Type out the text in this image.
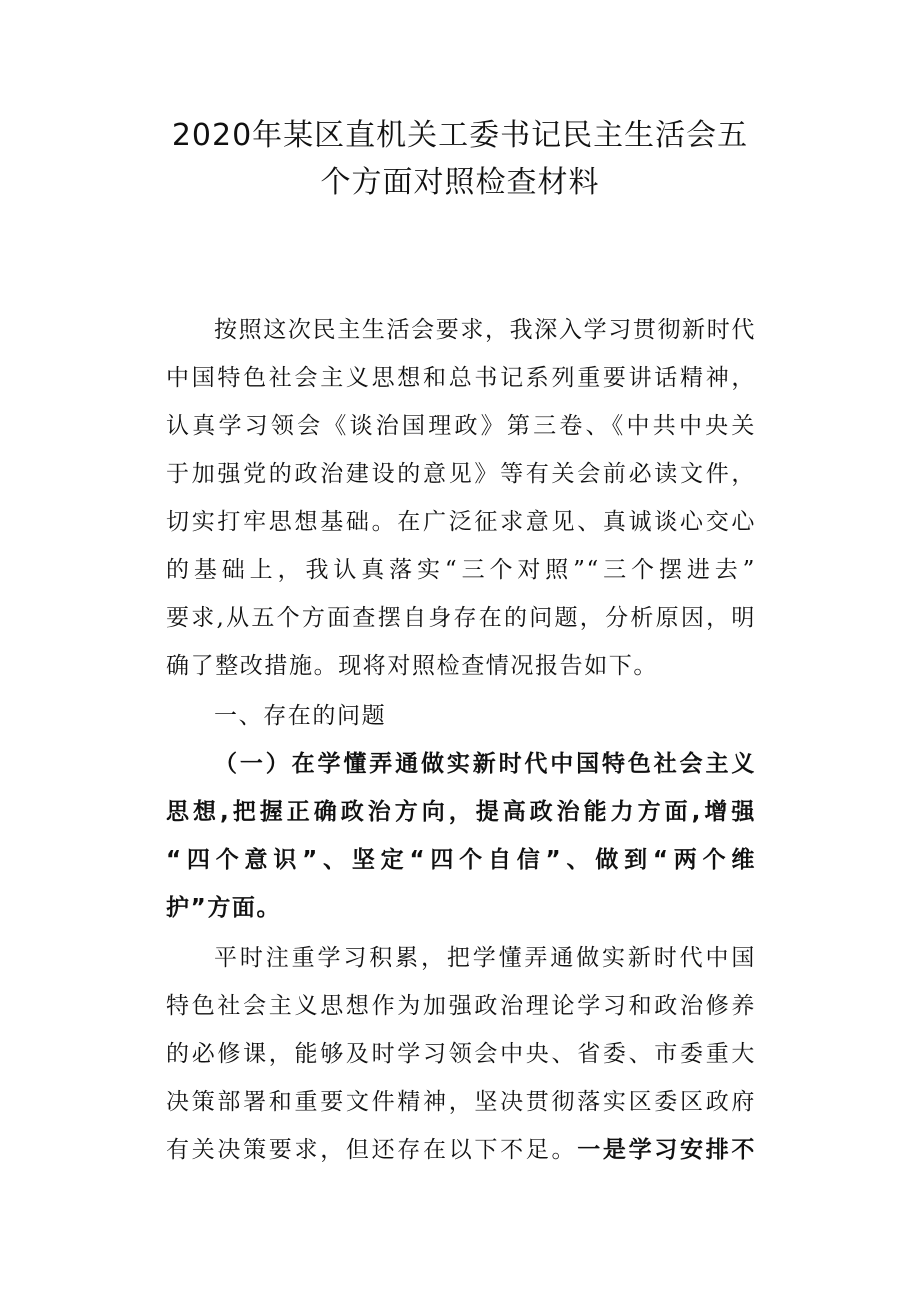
2020年某区直机关工委书记民主生活会五
个方面对照检查材料

按照这次民主生活会要求，我深入学习贯彻新时代

中国特色社会主义思想和总书记系列重要讲话精神，

认真学习领会《谈治国理政》第三卷、《中共中央关

于加强党的政治建设的意见》等有关会前必读文件，

切实打牢思想基础。在广泛征求意见、真诚谈心交心

的基础上，我认真落实“三个对照”“三个摆进去”

要求,从五个方面查摆自身存在的问题，分析原因，明

确了整改措施。现将对照检查情况报告如下。

一、存在的问题

（一）在学懂弄通做实新时代中国特色社会主义

思想,把握正确政治方向，提高政治能力方面,增强

“四个意识”、坚定“四个自信”、做到“两个维

护”方面。

平时注重学习积累，把学懂弄通做实新时代中国

特色社会主义思想作为加强政治理论学习和政治修养

的必修课，能够及时学习领会中央、省委、市委重大

决策部署和重要文件精神，坚决贯彻落实区委区政府

有关决策要求，但还存在以下不足。一是学习安排不
